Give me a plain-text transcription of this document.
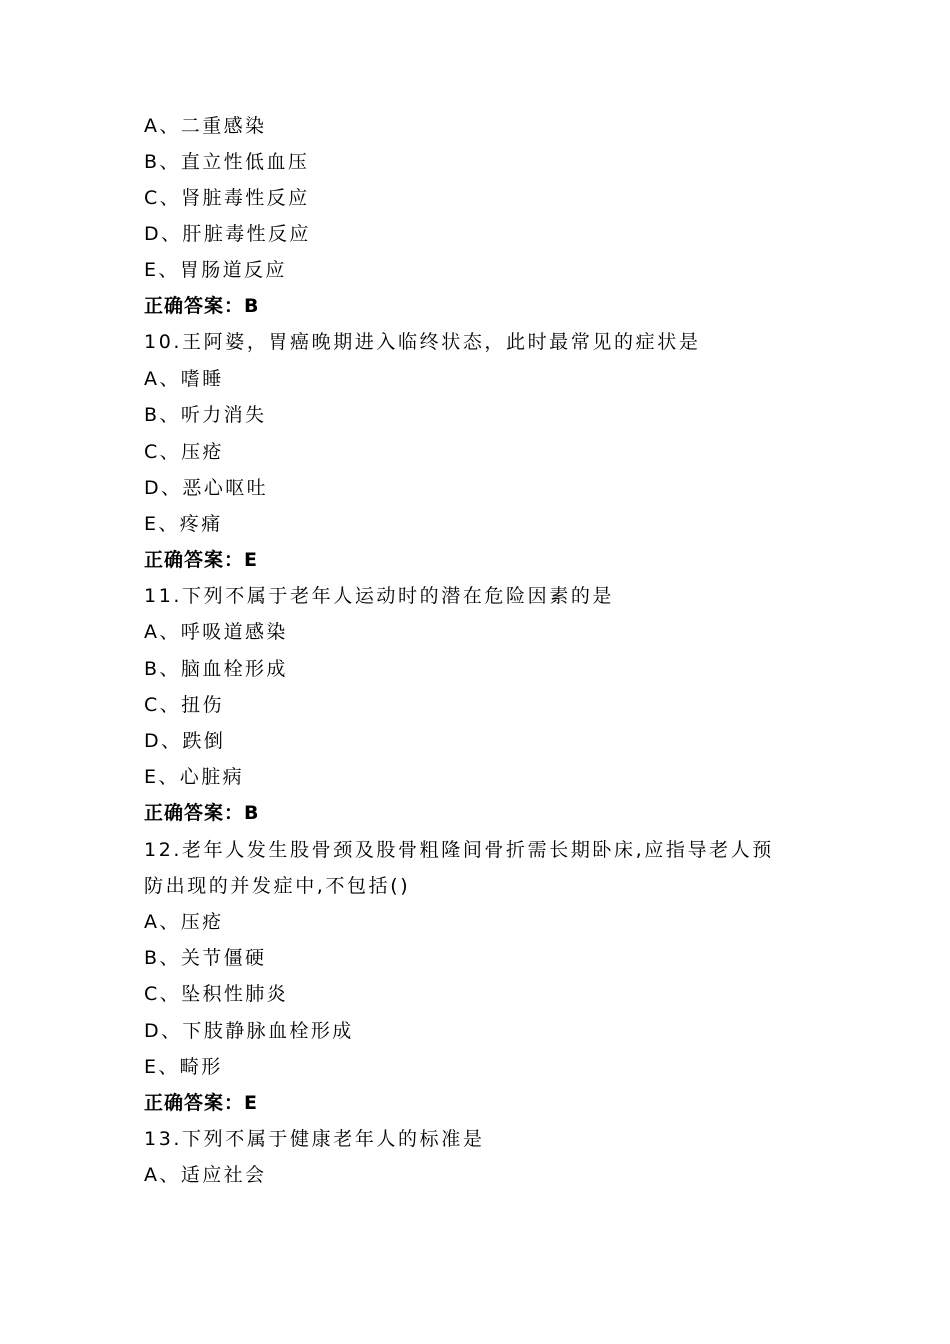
A、二重感染
B、直立性低血压
C、肾脏毒性反应
D、肝脏毒性反应
E、胃肠道反应
正确答案：B
10.王阿婆，胃癌晚期进入临终状态，此时最常见的症状是
A、嗜睡
B、听力消失
C、压疮
D、恶心呕吐
E、疼痛
正确答案：E
11.下列不属于老年人运动时的潜在危险因素的是
A、呼吸道感染
B、脑血栓形成
C、扭伤
D、跌倒
E、心脏病
正确答案：B
12.老年人发生股骨颈及股骨粗隆间骨折需长期卧床,应指导老人预
防出现的并发症中,不包括()
A、压疮
B、关节僵硬
C、坠积性肺炎
D、下肢静脉血栓形成
E、畸形
正确答案：E
13.下列不属于健康老年人的标准是
A、适应社会
